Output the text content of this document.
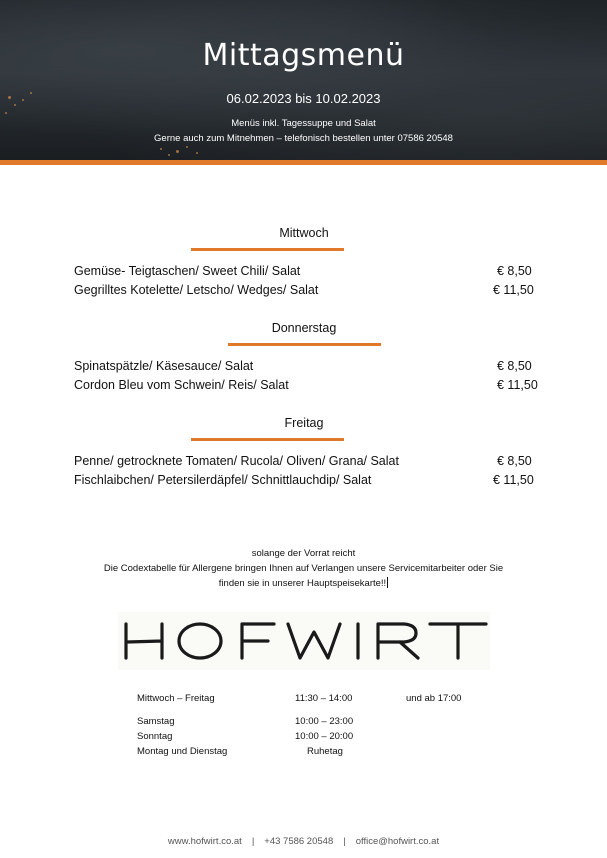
Mittagsmenü
06.02.2023 bis 10.02.2023
Menüs inkl. Tagessuppe und Salat
Gerne auch zum Mitnehmen – telefonisch bestellen unter 07586 20548
Mittwoch
Gemüse- Teigtaschen/ Sweet Chili/ Salat	€ 8,50
Gegrilltes Kotelette/ Letscho/ Wedges/ Salat	€ 11,50
Donnerstag
Spinatspätzle/ Käsesauce/ Salat	€ 8,50
Cordon Bleu vom Schwein/ Reis/ Salat	€ 11,50
Freitag
Penne/ getrocknete Tomaten/ Rucola/ Oliven/ Grana/ Salat	€ 8,50
Fischlaibchen/ Petersilerdäpfel/ Schnittlauchdip/ Salat	€ 11,50
solange der Vorrat reicht
Die Codextabelle für Allergene bringen Ihnen auf Verlangen unsere Servicemitarbeiter oder Sie
finden sie in unserer Hauptspeisekarte!!
Mittwoch – Freitag	11:30 – 14:00	und ab 17:00
Samstag	10:00 – 23:00
Sonntag	10:00 – 20:00
Montag und Dienstag	Ruhetag
www.hofwirt.co.at | +43 7586 20548 | office@hofwirt.co.at
